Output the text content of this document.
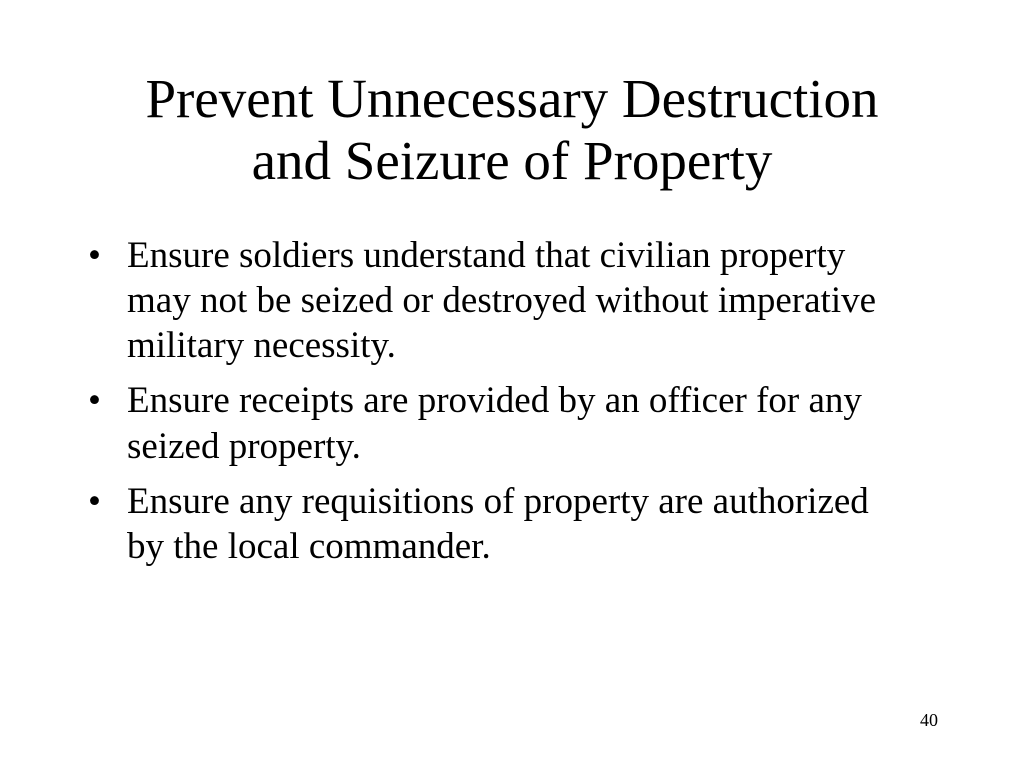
Prevent Unnecessary Destruction
and Seizure of Property
• Ensure soldiers understand that civilian property may not be seized or destroyed without imperative military necessity.
• Ensure receipts are provided by an officer for any seized property.
• Ensure any requisitions of property are authorized by the local commander.
40
